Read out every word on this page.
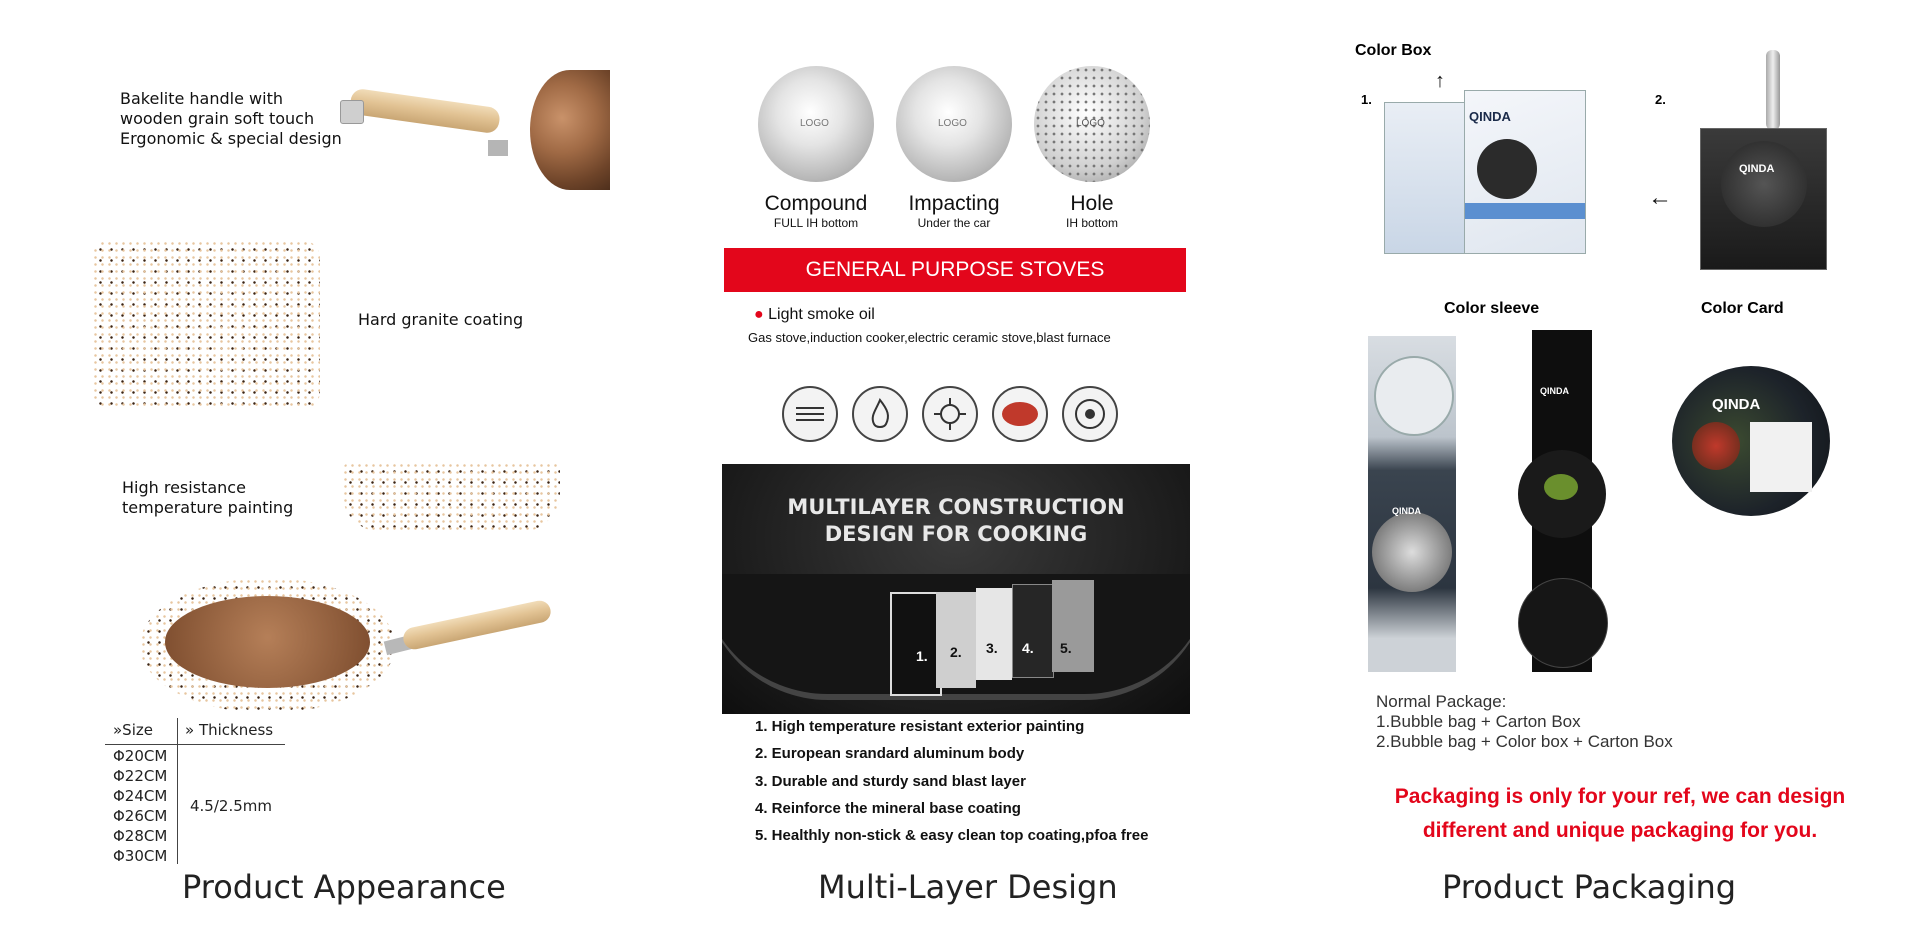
Bakelite handle with
wooden grain soft touch
Ergonomic & special design
Hard granite coating
High resistance
temperature painting
»Size » Thickness
Φ20CM
Φ22CM
Φ24CM
Φ26CM
Φ28CM
Φ30CM
4.5/2.5mm
Product Appearance
LOGO	LOGO	LOGO
Compound
FULL IH bottom
Impacting
Under the car
Hole
IH bottom
GENERAL PURPOSE STOVES
● Light smoke oil
Gas stove,induction cooker,electric ceramic stove,blast furnace
MULTILAYER CONSTRUCTION
DESIGN FOR COOKING
1. 2. 3. 4. 5.
1. High temperature resistant exterior painting
2. European srandard aluminum body
3. Durable and sturdy sand blast layer
4. Reinforce the mineral base coating
5. Healthly non-stick & easy clean top coating,pfoa free
Multi-Layer Design
Color Box
↑
1.
QINDA
←
2.
QINDA
Color sleeve	Color Card
QINDA
QINDA
QINDA
Normal Package:
1.Bubble bag + Carton Box
2.Bubble bag + Color box + Carton Box
Packaging is only for your ref, we can design
different and unique packaging for you.
Product Packaging
